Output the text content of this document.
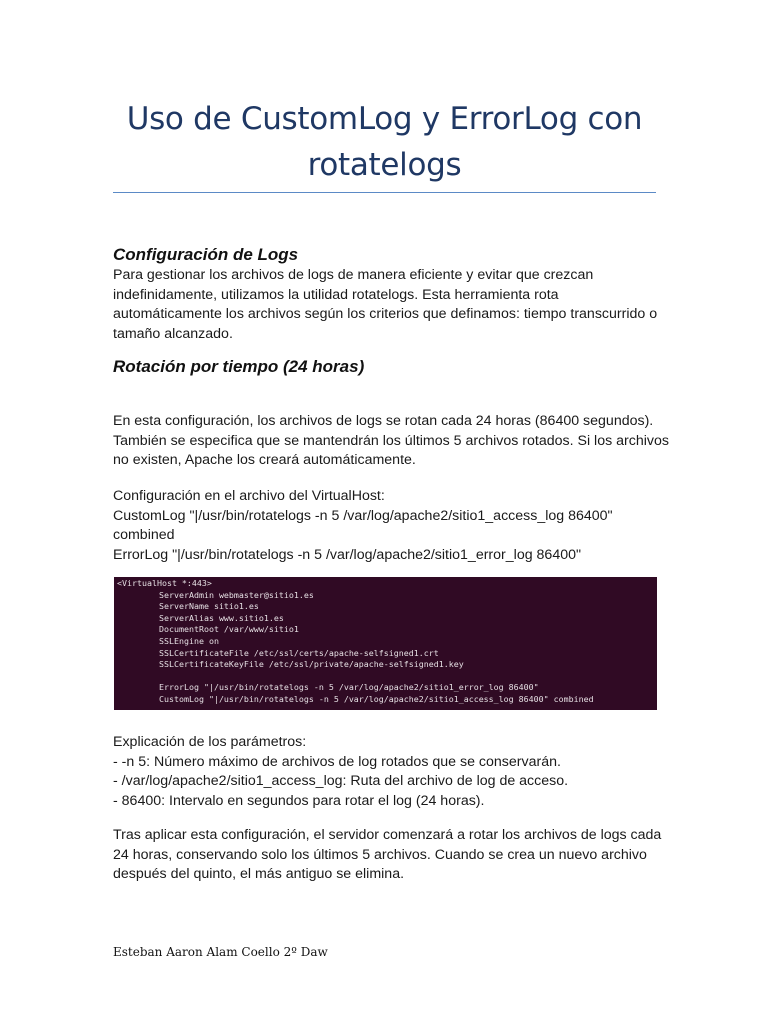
Uso de CustomLog y ErrorLog con
rotatelogs
Configuración de Logs
Para gestionar los archivos de logs de manera eficiente y evitar que crezcan
indefinidamente, utilizamos la utilidad rotatelogs. Esta herramienta rota
automáticamente los archivos según los criterios que definamos: tiempo transcurrido o
tamaño alcanzado.
Rotación por tiempo (24 horas)
En esta configuración, los archivos de logs se rotan cada 24 horas (86400 segundos).
También se especifica que se mantendrán los últimos 5 archivos rotados. Si los archivos
no existen, Apache los creará automáticamente.
Configuración en el archivo del VirtualHost:
CustomLog "|/usr/bin/rotatelogs -n 5 /var/log/apache2/sitio1_access_log 86400"
combined
ErrorLog "|/usr/bin/rotatelogs -n 5 /var/log/apache2/sitio1_error_log 86400"
<VirtualHost *:443>
ServerAdmin webmaster@sitio1.es
ServerName sitio1.es
ServerAlias www.sitio1.es
DocumentRoot /var/www/sitio1
SSLEngine on
SSLCertificateFile /etc/ssl/certs/apache-selfsigned1.crt
SSLCertificateKeyFile /etc/ssl/private/apache-selfsigned1.key
ErrorLog "|/usr/bin/rotatelogs -n 5 /var/log/apache2/sitio1_error_log 86400"
CustomLog "|/usr/bin/rotatelogs -n 5 /var/log/apache2/sitio1_access_log 86400" combined
Explicación de los parámetros:
- -n 5: Número máximo de archivos de log rotados que se conservarán.
- /var/log/apache2/sitio1_access_log: Ruta del archivo de log de acceso.
- 86400: Intervalo en segundos para rotar el log (24 horas).
Tras aplicar esta configuración, el servidor comenzará a rotar los archivos de logs cada
24 horas, conservando solo los últimos 5 archivos. Cuando se crea un nuevo archivo
después del quinto, el más antiguo se elimina.
Esteban Aaron Alam Coello 2º Daw
